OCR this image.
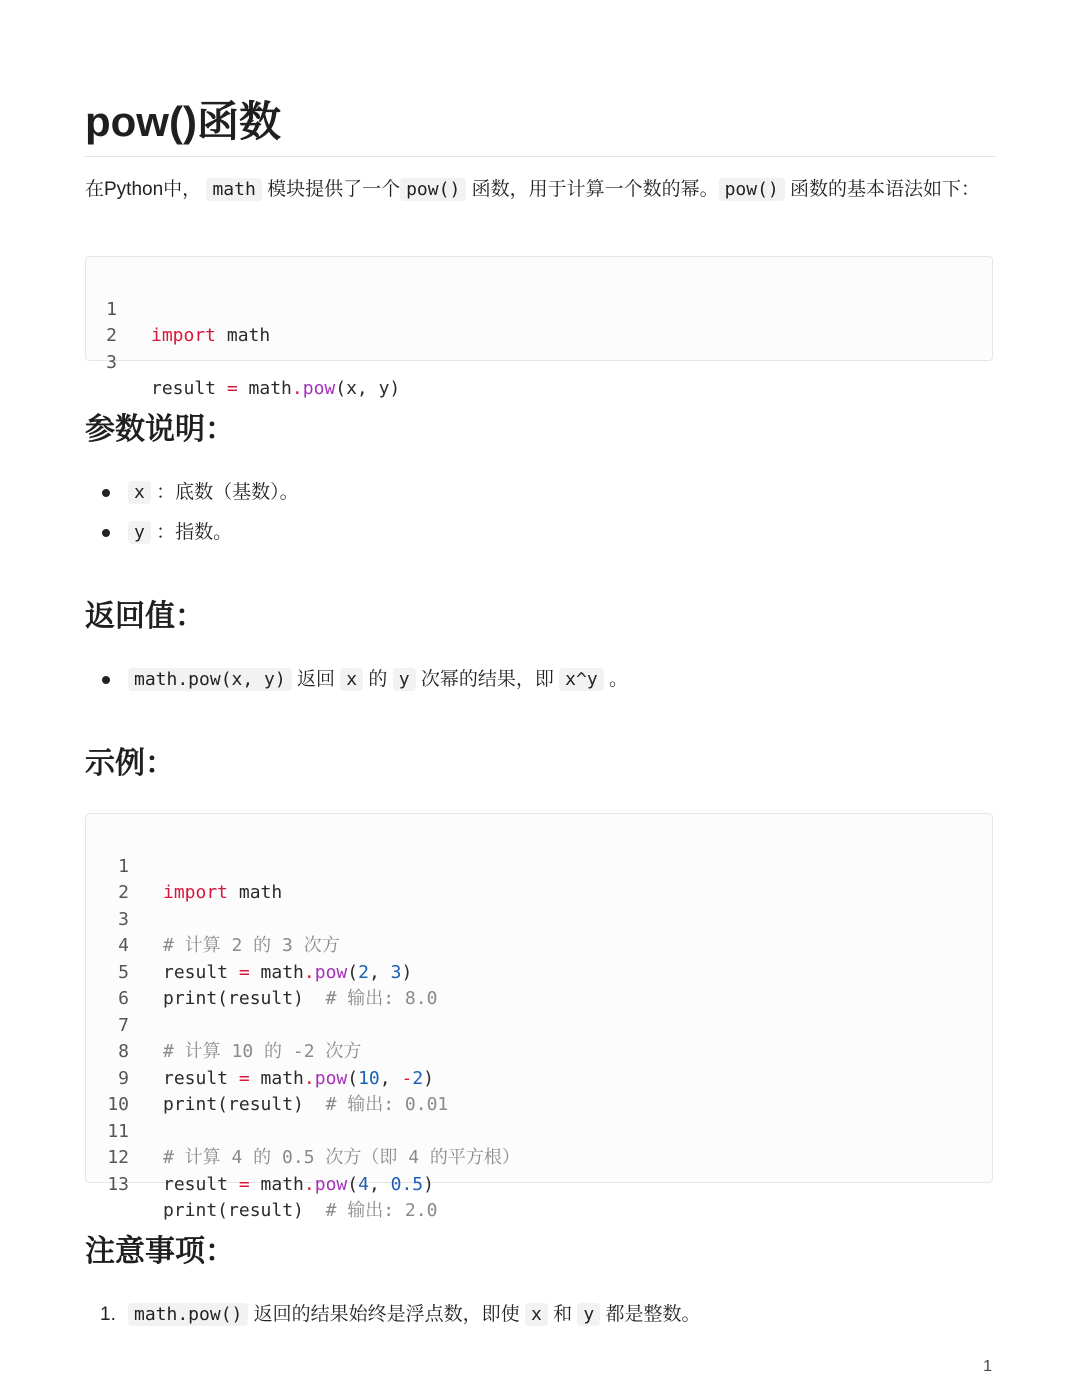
pow()函数

在Python中， math 模块提供了一个 pow() 函数，用于计算一个数的幂。 pow() 函数的基本语法如下：

1

import math

2

3

result = math.pow(x, y)

参数说明：
x ：底数（基数）。
y ：指数。
返回值：
math.pow(x, y) 返回 x 的 y 次幂的结果，即 x^y 。
示例：

1

import math

2

3

# 计算 2 的 3 次方

4

result = math.pow(2, 3)

5

print(result)  # 输出: 8.0

6

7

# 计算 10 的 -2 次方

8

result = math.pow(10, -2)

9

print(result)  # 输出: 0.01

10

11

# 计算 4 的 0.5 次方（即 4 的平方根）

12

result = math.pow(4, 0.5)

13

print(result)  # 输出: 2.0

注意事项：
1. math.pow() 返回的结果始终是浮点数，即使 x 和 y 都是整数。
1
